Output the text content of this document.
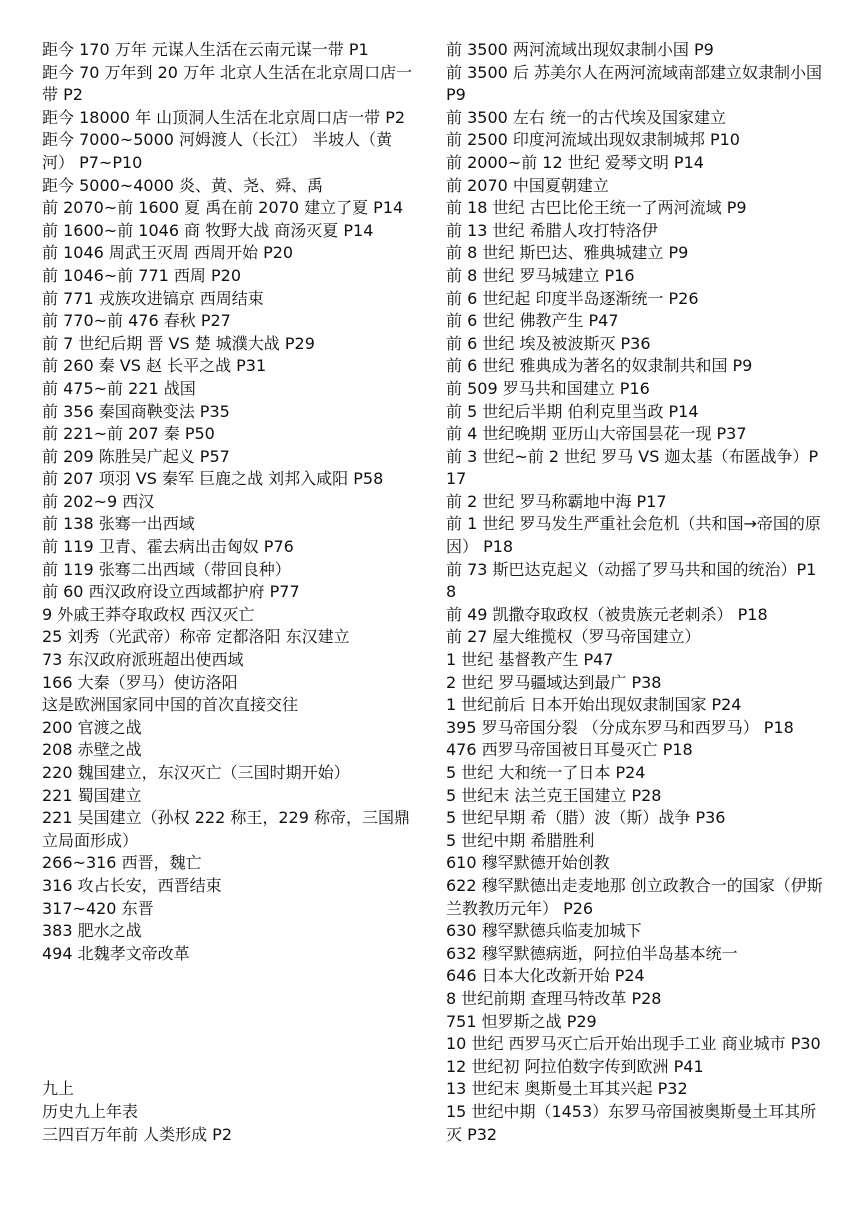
距今 170 万年 元谋人生活在云南元谋一带 P1

距今 70 万年到 20 万年 北京人生活在北京周口店一带 P2

距今 18000 年 山顶洞人生活在北京周口店一带 P2

距今 7000~5000 河姆渡人（长江） 半坡人（黄河） P7~P10

距今 5000~4000 炎、黄、尧、舜、禹

前 2070~前 1600 夏 禹在前 2070 建立了夏 P14

前 1600~前 1046 商 牧野大战 商汤灭夏 P14

前 1046 周武王灭周 西周开始 P20

前 1046~前 771 西周 P20

前 771 戎族攻进镐京 西周结束

前 770~前 476 春秋 P27

前 7 世纪后期 晋 VS 楚 城濮大战 P29

前 260 秦 VS 赵 长平之战 P31

前 475~前 221 战国

前 356 秦国商鞅变法 P35

前 221~前 207 秦 P50

前 209 陈胜吴广起义 P57

前 207 项羽 VS 秦军 巨鹿之战 刘邦入咸阳 P58

前 202~9 西汉

前 138 张骞一出西域

前 119 卫青、霍去病出击匈奴 P76

前 119 张骞二出西域（带回良种）

前 60 西汉政府设立西域都护府 P77

9 外戚王莽夺取政权 西汉灭亡

25 刘秀（光武帝）称帝 定都洛阳 东汉建立

73 东汉政府派班超出使西域

166 大秦（罗马）使访洛阳

这是欧洲国家同中国的首次直接交往

200 官渡之战

208 赤壁之战

220 魏国建立，东汉灭亡（三国时期开始）

221 蜀国建立

221 吴国建立（孙权 222 称王，229 称帝，三国鼎立局面形成）

266~316 西晋，魏亡

316 攻占长安，西晋结束

317~420 东晋

383 肥水之战

494 北魏孝文帝改革

九上

历史九上年表

三四百万年前 人类形成 P2

前 3500 两河流域出现奴隶制小国 P9

前 3500 后 苏美尔人在两河流域南部建立奴隶制小国 P9

前 3500 左右 统一的古代埃及国家建立

前 2500 印度河流域出现奴隶制城邦 P10

前 2000~前 12 世纪 爱琴文明 P14

前 2070 中国夏朝建立

前 18 世纪 古巴比伦王统一了两河流域 P9

前 13 世纪 希腊人攻打特洛伊

前 8 世纪 斯巴达、雅典城建立 P9

前 8 世纪 罗马城建立 P16

前 6 世纪起 印度半岛逐渐统一 P26

前 6 世纪 佛教产生 P47

前 6 世纪 埃及被波斯灭 P36

前 6 世纪 雅典成为著名的奴隶制共和国 P9

前 509 罗马共和国建立 P16

前 5 世纪后半期 伯利克里当政 P14

前 4 世纪晚期 亚历山大帝国昙花一现 P37

前 3 世纪~前 2 世纪 罗马 VS 迦太基（布匿战争）P17

前 2 世纪 罗马称霸地中海 P17

前 1 世纪 罗马发生严重社会危机（共和国→帝国的原因） P18

前 73 斯巴达克起义（动摇了罗马共和国的统治）P18

前 49 凯撒夺取政权（被贵族元老刺杀） P18

前 27 屋大维揽权（罗马帝国建立）

1 世纪 基督教产生 P47

2 世纪 罗马疆域达到最广 P38

1 世纪前后 日本开始出现奴隶制国家 P24

395 罗马帝国分裂 （分成东罗马和西罗马） P18

476 西罗马帝国被日耳曼灭亡 P18

5 世纪 大和统一了日本 P24

5 世纪末 法兰克王国建立 P28

5 世纪早期 希（腊）波（斯）战争 P36

5 世纪中期 希腊胜利

610 穆罕默德开始创教

622 穆罕默德出走麦地那 创立政教合一的国家（伊斯兰教教历元年） P26

630 穆罕默德兵临麦加城下

632 穆罕默德病逝，阿拉伯半岛基本统一

646 日本大化改新开始 P24

8 世纪前期 查理马特改革 P28

751 怛罗斯之战 P29

10 世纪 西罗马灭亡后开始出现手工业 商业城市 P30

12 世纪初 阿拉伯数字传到欧洲 P41

13 世纪末 奥斯曼土耳其兴起 P32

15 世纪中期（1453）东罗马帝国被奥斯曼土耳其所灭 P32
